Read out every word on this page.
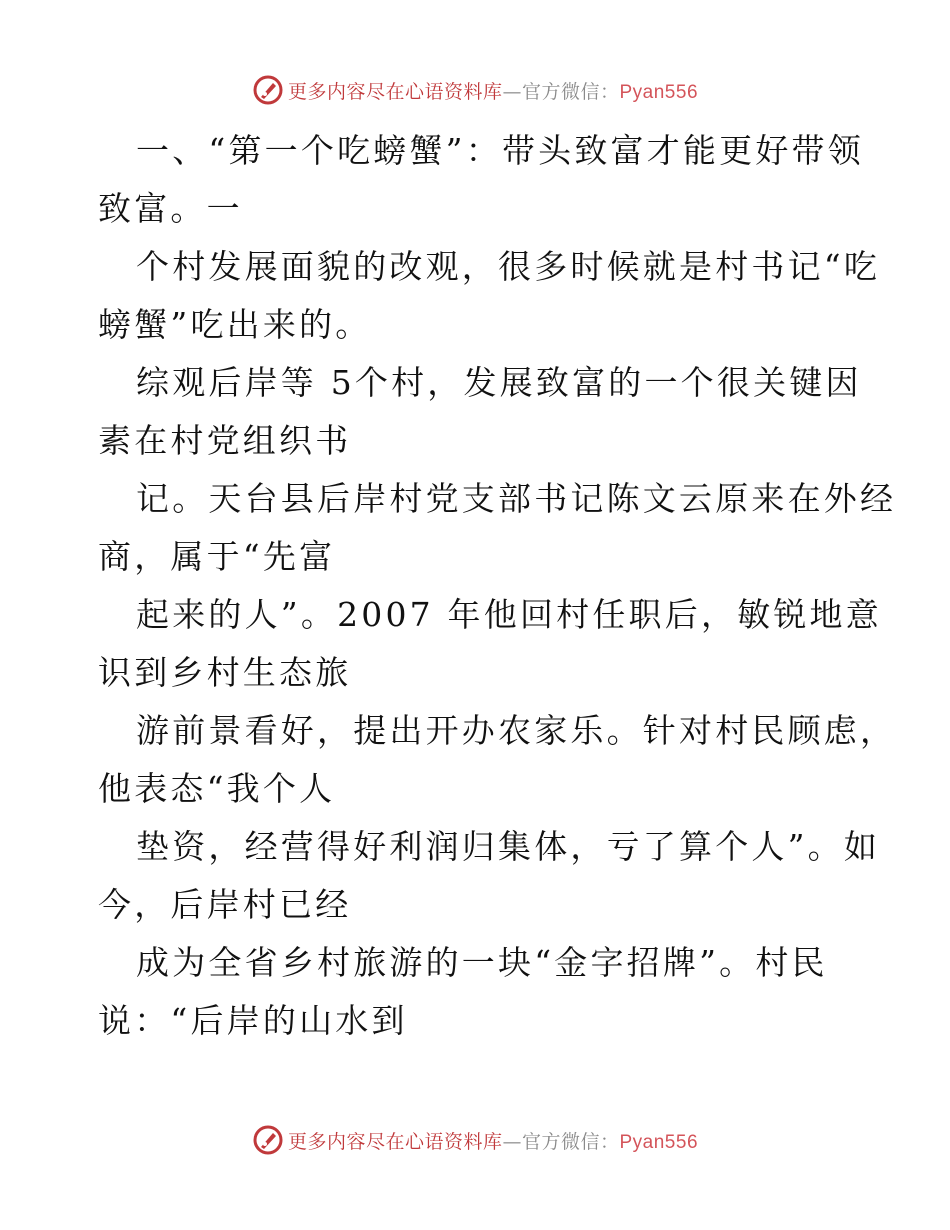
更多内容尽在心语资料库—官方微信：Pyan556
一、“第一个吃螃蟹”：带头致富才能更好带领
致富。一
个村发展面貌的改观，很多时候就是村书记“吃
螃蟹”吃出来的。
综观后岸等 5个村，发展致富的一个很关键因
素在村党组织书
记。天台县后岸村党支部书记陈文云原来在外经
商，属于“先富
起来的人”。2007 年他回村任职后，敏锐地意
识到乡村生态旅
游前景看好，提出开办农家乐。针对村民顾虑，
他表态“我个人
垫资，经营得好利润归集体，亏了算个人”。如
今，后岸村已经
成为全省乡村旅游的一块“金字招牌”。村民
说：“后岸的山水到
更多内容尽在心语资料库—官方微信：Pyan556
